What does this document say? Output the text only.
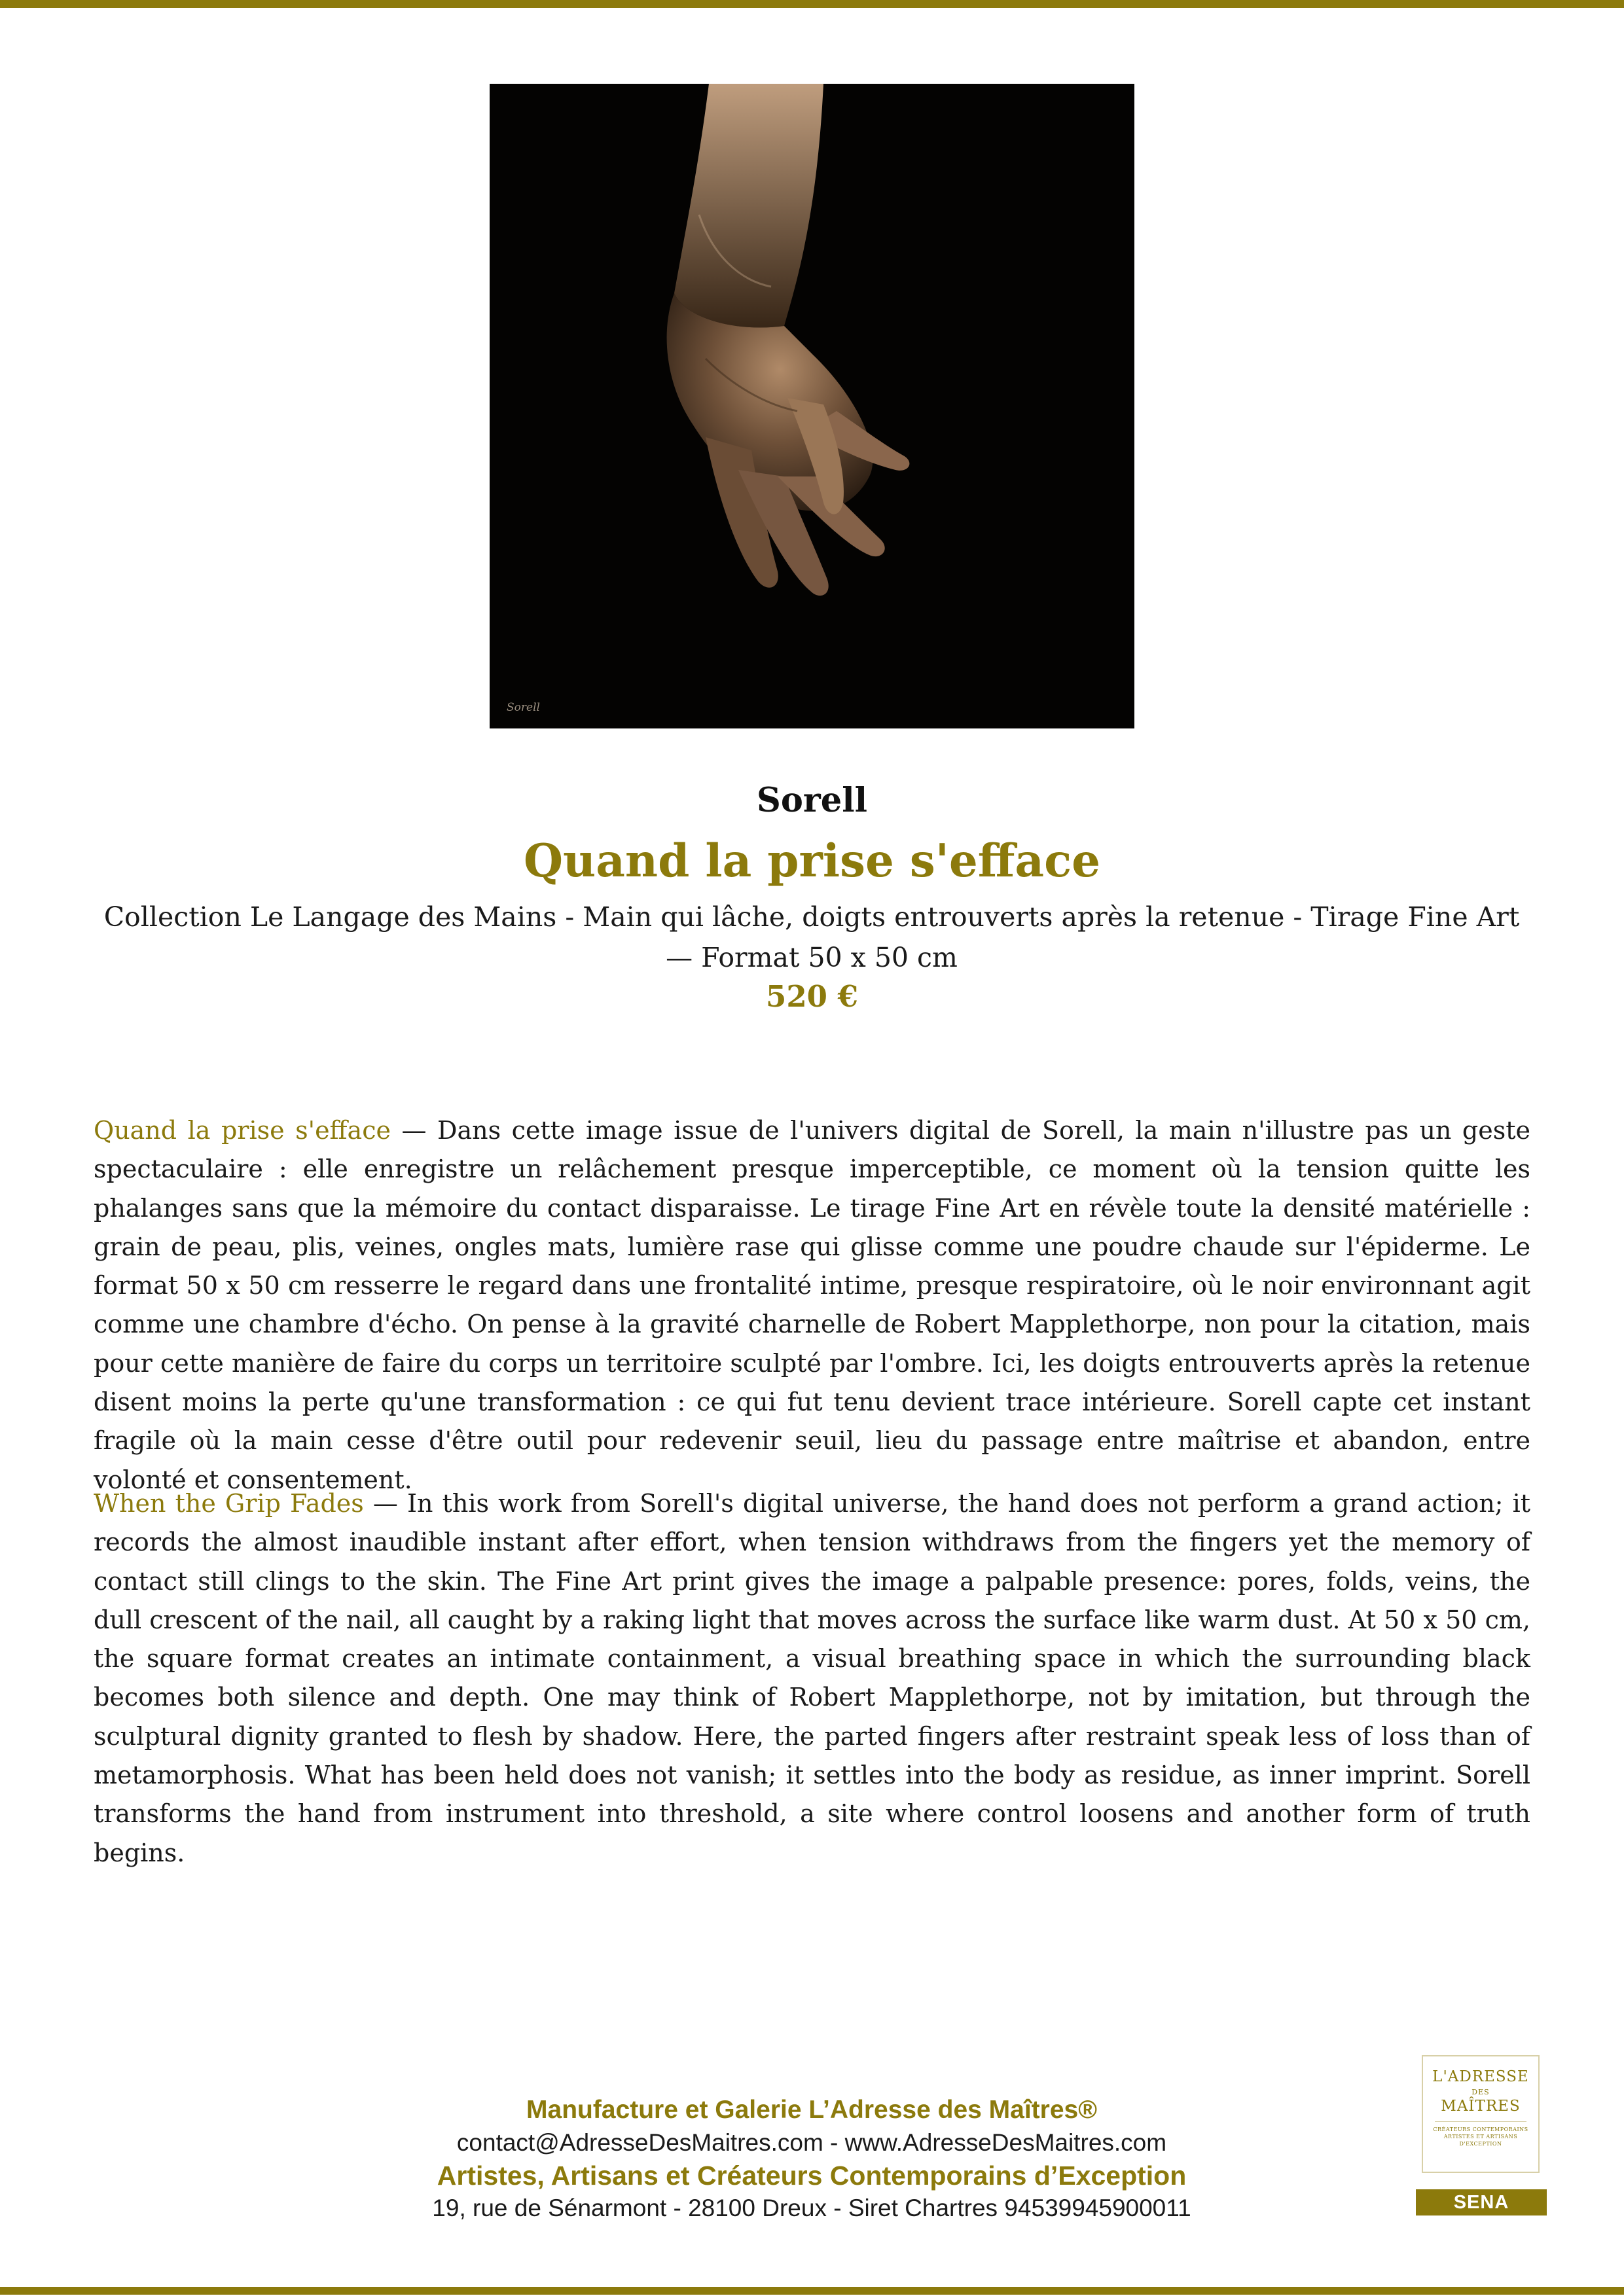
Sorell
Sorell
Quand la prise s'efface
Collection Le Langage des Mains - Main qui lâche, doigts entrouverts après la retenue - Tirage Fine Art — Format 50 x 50 cm
520 €

Quand la prise s'efface — Dans cette image issue de l'univers digital de Sorell, la main n'illustre pas un geste spectaculaire : elle enregistre un relâchement presque imperceptible, ce moment où la tension quitte les phalanges sans que la mémoire du contact disparaisse. Le tirage Fine Art en révèle toute la densité matérielle : grain de peau, plis, veines, ongles mats, lumière rase qui glisse comme une poudre chaude sur l'épiderme. Le format 50 x 50 cm resserre le regard dans une frontalité intime, presque respiratoire, où le noir environnant agit comme une chambre d'écho. On pense à la gravité charnelle de Robert Mapplethorpe, non pour la citation, mais pour cette manière de faire du corps un territoire sculpté par l'ombre. Ici, les doigts entrouverts après la retenue disent moins la perte qu'une transformation : ce qui fut tenu devient trace intérieure. Sorell capte cet instant fragile où la main cesse d'être outil pour redevenir seuil, lieu du passage entre maîtrise et abandon, entre volonté et consentement.

When the Grip Fades — In this work from Sorell's digital universe, the hand does not perform a grand action; it records the almost inaudible instant after effort, when tension withdraws from the fingers yet the memory of contact still clings to the skin. The Fine Art print gives the image a palpable presence: pores, folds, veins, the dull crescent of the nail, all caught by a raking light that moves across the surface like warm dust. At 50 x 50 cm, the square format creates an intimate containment, a visual breathing space in which the surrounding black becomes both silence and depth. One may think of Robert Mapplethorpe, not by imitation, but through the sculptural dignity granted to flesh by shadow. Here, the parted fingers after restraint speak less of loss than of metamorphosis. What has been held does not vanish; it settles into the body as residue, as inner imprint. Sorell transforms the hand from instrument into threshold, a site where control loosens and another form of truth begins.

Manufacture et Galerie L’Adresse des Maîtres®
contact@AdresseDesMaitres.com - www.AdresseDesMaitres.com
Artistes, Artisans et Créateurs Contemporains d’Exception
19, rue de Sénarmont - 28100 Dreux - Siret Chartres 94539945900011
L'ADRESSE
DES
MAÎTRES
CRÉATEURS CONTEMPORAINS ARTISTES ET ARTISANS D'EXCEPTION
SENA
